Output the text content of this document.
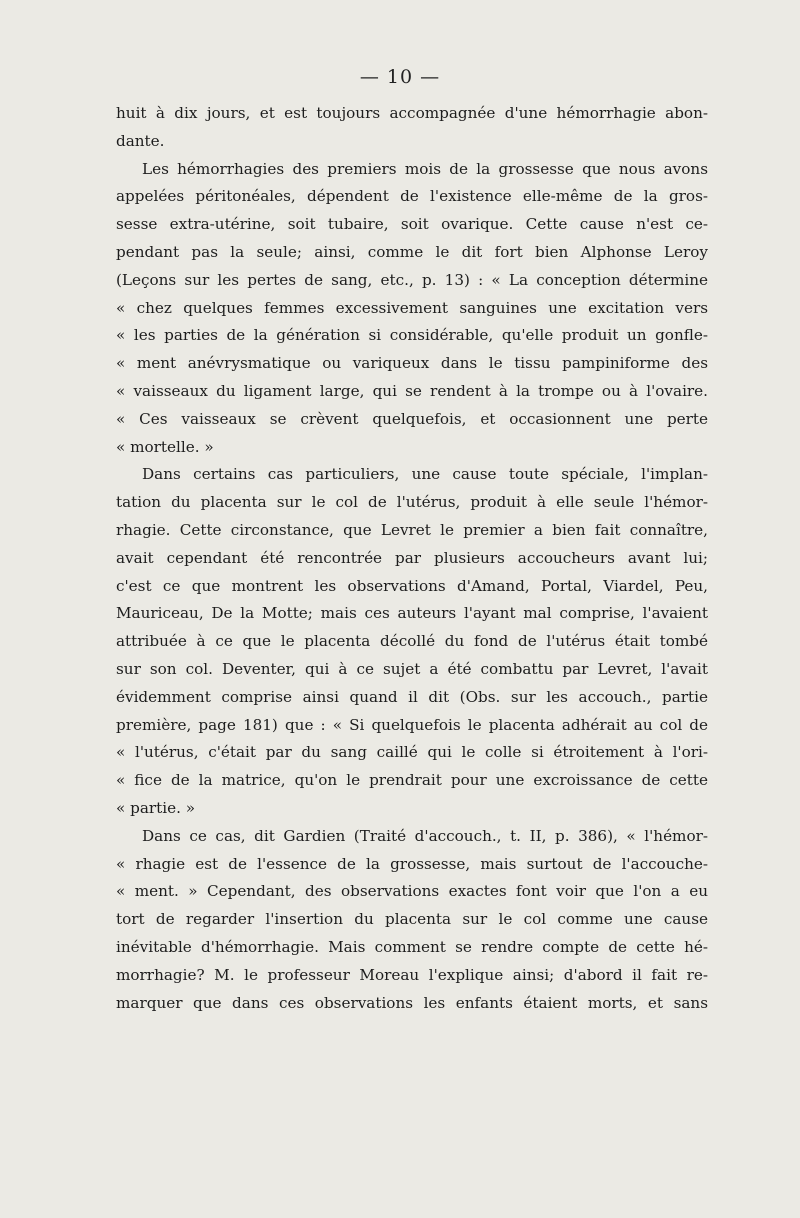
— 10 —
huit à dix jours, et est toujours accompagnée d'une hémorrhagie abon-
dante.
Les hémorrhagies des premiers mois de la grossesse que nous avons
appelées péritonéales, dépendent de l'existence elle-même de la gros-
sesse extra-utérine, soit tubaire, soit ovarique. Cette cause n'est ce-
pendant pas la seule; ainsi, comme le dit fort bien Alphonse Leroy
(Leçons sur les pertes de sang, etc., p. 13) : « La conception détermine
« chez quelques femmes excessivement sanguines une excitation vers
« les parties de la génération si considérable, qu'elle produit un gonfle-
« ment anévrysmatique ou variqueux dans le tissu pampiniforme des
« vaisseaux du ligament large, qui se rendent à la trompe ou à l'ovaire.
« Ces vaisseaux se crèvent quelquefois, et occasionnent une perte
« mortelle. »
Dans certains cas particuliers, une cause toute spéciale, l'implan-
tation du placenta sur le col de l'utérus, produit à elle seule l'hémor-
rhagie. Cette circonstance, que Levret le premier a bien fait connaître,
avait cependant été rencontrée par plusieurs accoucheurs avant lui;
c'est ce que montrent les observations d'Amand, Portal, Viardel, Peu,
Mauriceau, De la Motte; mais ces auteurs l'ayant mal comprise, l'avaient
attribuée à ce que le placenta décollé du fond de l'utérus était tombé
sur son col. Deventer, qui à ce sujet a été combattu par Levret, l'avait
évidemment comprise ainsi quand il dit (Obs. sur les accouch., partie
première, page 181) que : « Si quelquefois le placenta adhérait au col de
« l'utérus, c'était par du sang caillé qui le colle si étroitement à l'ori-
« fice de la matrice, qu'on le prendrait pour une excroissance de cette
« partie. »
Dans ce cas, dit Gardien (Traité d'accouch., t. II, p. 386), « l'hémor-
« rhagie est de l'essence de la grossesse, mais surtout de l'accouche-
« ment. » Cependant, des observations exactes font voir que l'on a eu
tort de regarder l'insertion du placenta sur le col comme une cause
inévitable d'hémorrhagie. Mais comment se rendre compte de cette hé-
morrhagie? M. le professeur Moreau l'explique ainsi; d'abord il fait re-
marquer que dans ces observations les enfants étaient morts, et sans
